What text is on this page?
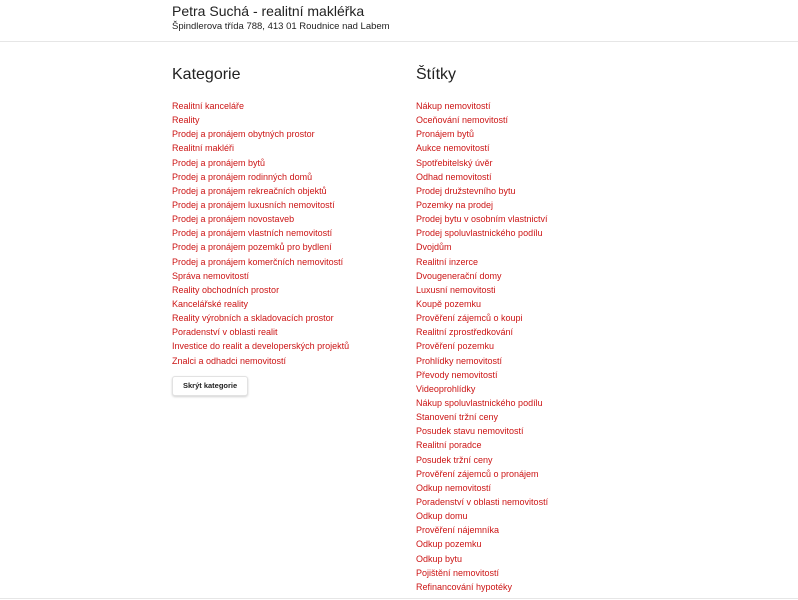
Petra Suchá - realitní makléřka
Špindlerova třída 788, 413 01 Roudnice nad Labem
Kategorie
Realitní kanceláře
Reality
Prodej a pronájem obytných prostor
Realitní makléři
Prodej a pronájem bytů
Prodej a pronájem rodinných domů
Prodej a pronájem rekreačních objektů
Prodej a pronájem luxusních nemovitostí
Prodej a pronájem novostaveb
Prodej a pronájem vlastních nemovitostí
Prodej a pronájem pozemků pro bydlení
Prodej a pronájem komerčních nemovitostí
Správa nemovitostí
Reality obchodních prostor
Kancelářské reality
Reality výrobních a skladovacích prostor
Poradenství v oblasti realit
Investice do realit a developerských projektů
Znalci a odhadci nemovitostí
Skrýt kategorie
Štítky
Nákup nemovitostí
Oceňování nemovitostí
Pronájem bytů
Aukce nemovitostí
Spotřebitelský úvěr
Odhad nemovitostí
Prodej družstevního bytu
Pozemky na prodej
Prodej bytu v osobním vlastnictví
Prodej spoluvlastnického podílu
Dvojdům
Realitní inzerce
Dvougenerační domy
Luxusní nemovitosti
Koupě pozemku
Prověření zájemců o koupi
Realitní zprostředkování
Prověření pozemku
Prohlídky nemovitostí
Převody nemovitostí
Videoprohlídky
Nákup spoluvlastnického podílu
Stanovení tržní ceny
Posudek stavu nemovitostí
Realitní poradce
Posudek tržní ceny
Prověření zájemců o pronájem
Odkup nemovitostí
Poradenství v oblasti nemovitostí
Odkup domu
Prověření nájemníka
Odkup pozemku
Odkup bytu
Pojištění nemovitostí
Refinancování hypotéky
